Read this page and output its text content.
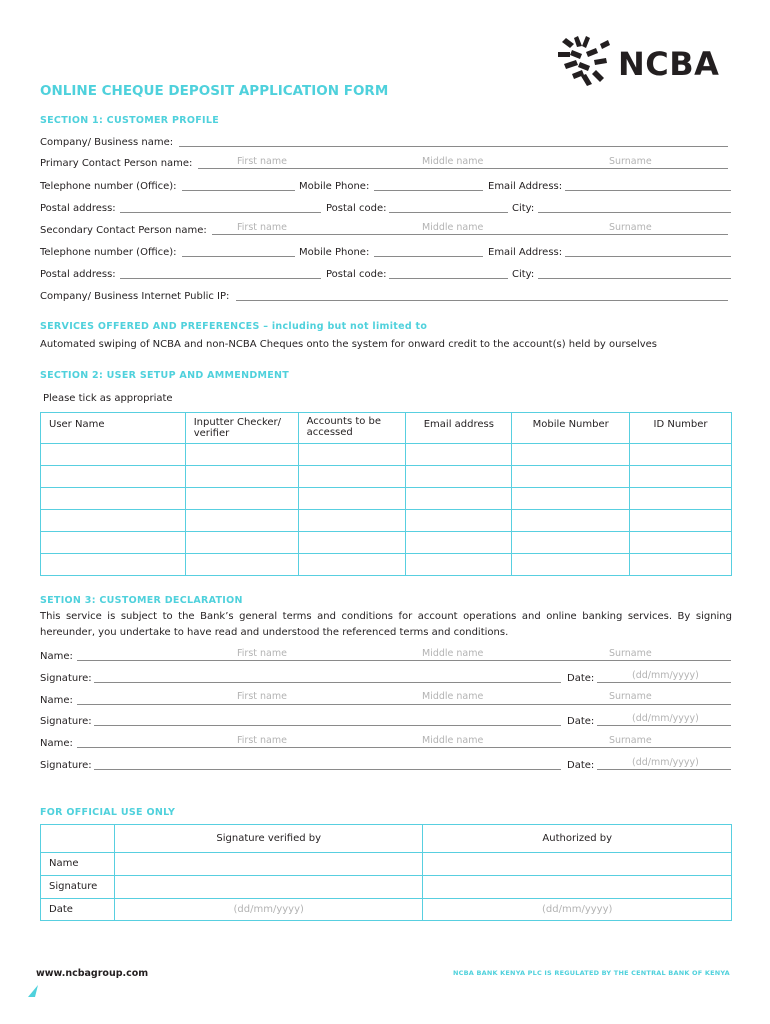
NCBA
ONLINE CHEQUE DEPOSIT APPLICATION FORM
SECTION 1: CUSTOMER PROFILE
Company/ Business name:
Primary Contact Person name:	First name	Middle name	Surname
Telephone number (Office):	Mobile Phone:	Email Address:
Postal address:	Postal code:	City:
Secondary Contact Person name:	First name	Middle name	Surname
Telephone number (Office):	Mobile Phone:	Email Address:
Postal address:	Postal code:	City:
Company/ Business Internet Public IP:
SERVICES OFFERED AND PREFERENCES – including but not limited to
Automated swiping of NCBA and non-NCBA Cheques onto the system for onward credit to the account(s) held by ourselves
SECTION 2: USER SETUP AND AMMENDMENT
Please tick as appropriate
User Name	Inputter Checker/ verifier	Accounts to be accessed	Email address	Mobile Number	ID Number

SETION 3: CUSTOMER DECLARATION
This service is subject to the Bank’s general terms and conditions for account operations and online banking services. By signing hereunder, you undertake to have read and understood the referenced terms and conditions.
Name:	First name	Middle name	Surname
Signature:	Date:	(dd/mm/yyyy)
Name:	First name	Middle name	Surname
Signature:	Date:	(dd/mm/yyyy)
Name:	First name	Middle name	Surname
Signature:	Date:	(dd/mm/yyyy)
FOR OFFICIAL USE ONLY
	Signature verified by	Authorized by
Name		
Signature		
Date	(dd/mm/yyyy)	(dd/mm/yyyy)
www.ncbagroup.com	NCBA BANK KENYA PLC IS REGULATED BY THE CENTRAL BANK OF KENYA
